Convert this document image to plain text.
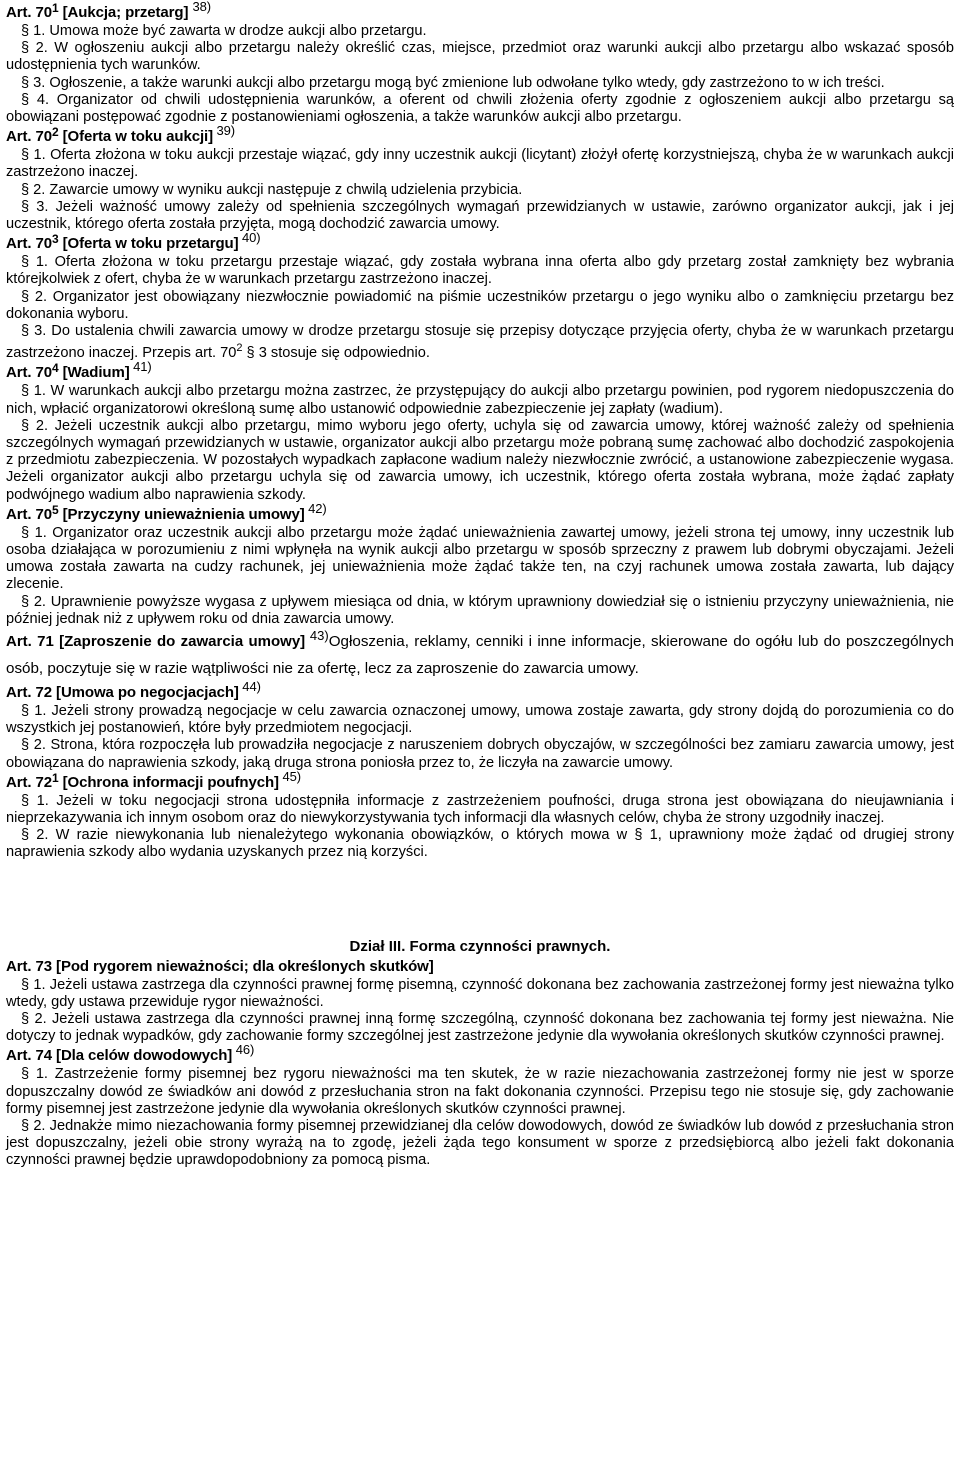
Art. $70^1$ [Aukcja; przetarg] 38)

§ 1. Umowa może być zawarta w drodze aukcji albo przetargu.

§ 2. W ogłoszeniu aukcji albo przetargu należy określić czas, miejsce, przedmiot oraz warunki aukcji albo przetargu albo wskazać sposób udostępnienia tych warunków.

§ 3. Ogłoszenie, a także warunki aukcji albo przetargu mogą być zmienione lub odwołane tylko wtedy, gdy zastrzeżono to w ich treści.

§ 4. Organizator od chwili udostępnienia warunków, a oferent od chwili złożenia oferty zgodnie z ogłoszeniem aukcji albo przetargu są obowiązani postępować zgodnie z postanowieniami ogłoszenia, a także warunków aukcji albo przetargu.

Art. $70^2$ [Oferta w toku aukcji] 39)

§ 1. Oferta złożona w toku aukcji przestaje wiązać, gdy inny uczestnik aukcji (licytant) złożył ofertę korzystniejszą, chyba że w warunkach aukcji zastrzeżono inaczej.

§ 2. Zawarcie umowy w wyniku aukcji następuje z chwilą udzielenia przybicia.

§ 3. Jeżeli ważność umowy zależy od spełnienia szczególnych wymagań przewidzianych w ustawie, zarówno organizator aukcji, jak i jej uczestnik, którego oferta została przyjęta, mogą dochodzić zawarcia umowy.

Art. $70^3$ [Oferta w toku przetargu] 40)

§ 1. Oferta złożona w toku przetargu przestaje wiązać, gdy została wybrana inna oferta albo gdy przetarg został zamknięty bez wybrania którejkolwiek z ofert, chyba że w warunkach przetargu zastrzeżono inaczej.

§ 2. Organizator jest obowiązany niezwłocznie powiadomić na piśmie uczestników przetargu o jego wyniku albo o zamknięciu przetargu bez dokonania wyboru.

§ 3. Do ustalenia chwili zawarcia umowy w drodze przetargu stosuje się przepisy dotyczące przyjęcia oferty, chyba że w warunkach przetargu zastrzeżono inaczej. Przepis art. $70^2$ § 3 stosuje się odpowiednio.

Art. $70^4$ [Wadium] 41)

§ 1. W warunkach aukcji albo przetargu można zastrzec, że przystępujący do aukcji albo przetargu powinien, pod rygorem niedopuszczenia do nich, wpłacić organizatorowi określoną sumę albo ustanowić odpowiednie zabezpieczenie jej zapłaty (wadium).

§ 2. Jeżeli uczestnik aukcji albo przetargu, mimo wyboru jego oferty, uchyla się od zawarcia umowy, której ważność zależy od spełnienia szczególnych wymagań przewidzianych w ustawie, organizator aukcji albo przetargu może pobraną sumę zachować albo dochodzić zaspokojenia z przedmiotu zabezpieczenia. W pozostałych wypadkach zapłacone wadium należy niezwłocznie zwrócić, a ustanowione zabezpieczenie wygasa. Jeżeli organizator aukcji albo przetargu uchyla się od zawarcia umowy, ich uczestnik, którego oferta została wybrana, może żądać zapłaty podwójnego wadium albo naprawienia szkody.

Art. $70^5$ [Przyczyny unieważnienia umowy] 42)

§ 1. Organizator oraz uczestnik aukcji albo przetargu może żądać unieważnienia zawartej umowy, jeżeli strona tej umowy, inny uczestnik lub osoba działająca w porozumieniu z nimi wpłynęła na wynik aukcji albo przetargu w sposób sprzeczny z prawem lub dobrymi obyczajami. Jeżeli umowa została zawarta na cudzy rachunek, jej unieważnienia może żądać także ten, na czyj rachunek umowa została zawarta, lub dający zlecenie.

§ 2. Uprawnienie powyższe wygasa z upływem miesiąca od dnia, w którym uprawniony dowiedział się o istnieniu przyczyny unieważnienia, nie później jednak niż z upływem roku od dnia zawarcia umowy.

Art. 71 [Zaproszenie do zawarcia umowy] 43)Ogłoszenia, reklamy, cenniki i inne informacje, skierowane do ogółu lub do poszczególnych osób, poczytuje się w razie wątpliwości nie za ofertę, lecz za zaproszenie do zawarcia umowy.

Art. 72 [Umowa po negocjacjach] 44)

§ 1. Jeżeli strony prowadzą negocjacje w celu zawarcia oznaczonej umowy, umowa zostaje zawarta, gdy strony dojdą do porozumienia co do wszystkich jej postanowień, które były przedmiotem negocjacji.

§ 2. Strona, która rozpoczęła lub prowadziła negocjacje z naruszeniem dobrych obyczajów, w szczególności bez zamiaru zawarcia umowy, jest obowiązana do naprawienia szkody, jaką druga strona poniosła przez to, że liczyła na zawarcie umowy.

Art. $72^1$ [Ochrona informacji poufnych] 45)

§ 1. Jeżeli w toku negocjacji strona udostępniła informacje z zastrzeżeniem poufności, druga strona jest obowiązana do nieujawniania i nieprzekazywania ich innym osobom oraz do niewykorzystywania tych informacji dla własnych celów, chyba że strony uzgodniły inaczej.

§ 2. W razie niewykonania lub nienależytego wykonania obowiązków, o których mowa w § 1, uprawniony może żądać od drugiej strony naprawienia szkody albo wydania uzyskanych przez nią korzyści.

Dział III. Forma czynności prawnych.
Art. 73 [Pod rygorem nieważności; dla określonych skutków]

§ 1. Jeżeli ustawa zastrzega dla czynności prawnej formę pisemną, czynność dokonana bez zachowania zastrzeżonej formy jest nieważna tylko wtedy, gdy ustawa przewiduje rygor nieważności.

§ 2. Jeżeli ustawa zastrzega dla czynności prawnej inną formę szczególną, czynność dokonana bez zachowania tej formy jest nieważna. Nie dotyczy to jednak wypadków, gdy zachowanie formy szczególnej jest zastrzeżone jedynie dla wywołania określonych skutków czynności prawnej.

Art. 74 [Dla celów dowodowych] 46)

§ 1. Zastrzeżenie formy pisemnej bez rygoru nieważności ma ten skutek, że w razie niezachowania zastrzeżonej formy nie jest w sporze dopuszczalny dowód ze świadków ani dowód z przesłuchania stron na fakt dokonania czynności. Przepisu tego nie stosuje się, gdy zachowanie formy pisemnej jest zastrzeżone jedynie dla wywołania określonych skutków czynności prawnej.

§ 2. Jednakże mimo niezachowania formy pisemnej przewidzianej dla celów dowodowych, dowód ze świadków lub dowód z przesłuchania stron jest dopuszczalny, jeżeli obie strony wyrażą na to zgodę, jeżeli żąda tego konsument w sporze z przedsiębiorcą albo jeżeli fakt dokonania czynności prawnej będzie uprawdopodobniony za pomocą pisma.
